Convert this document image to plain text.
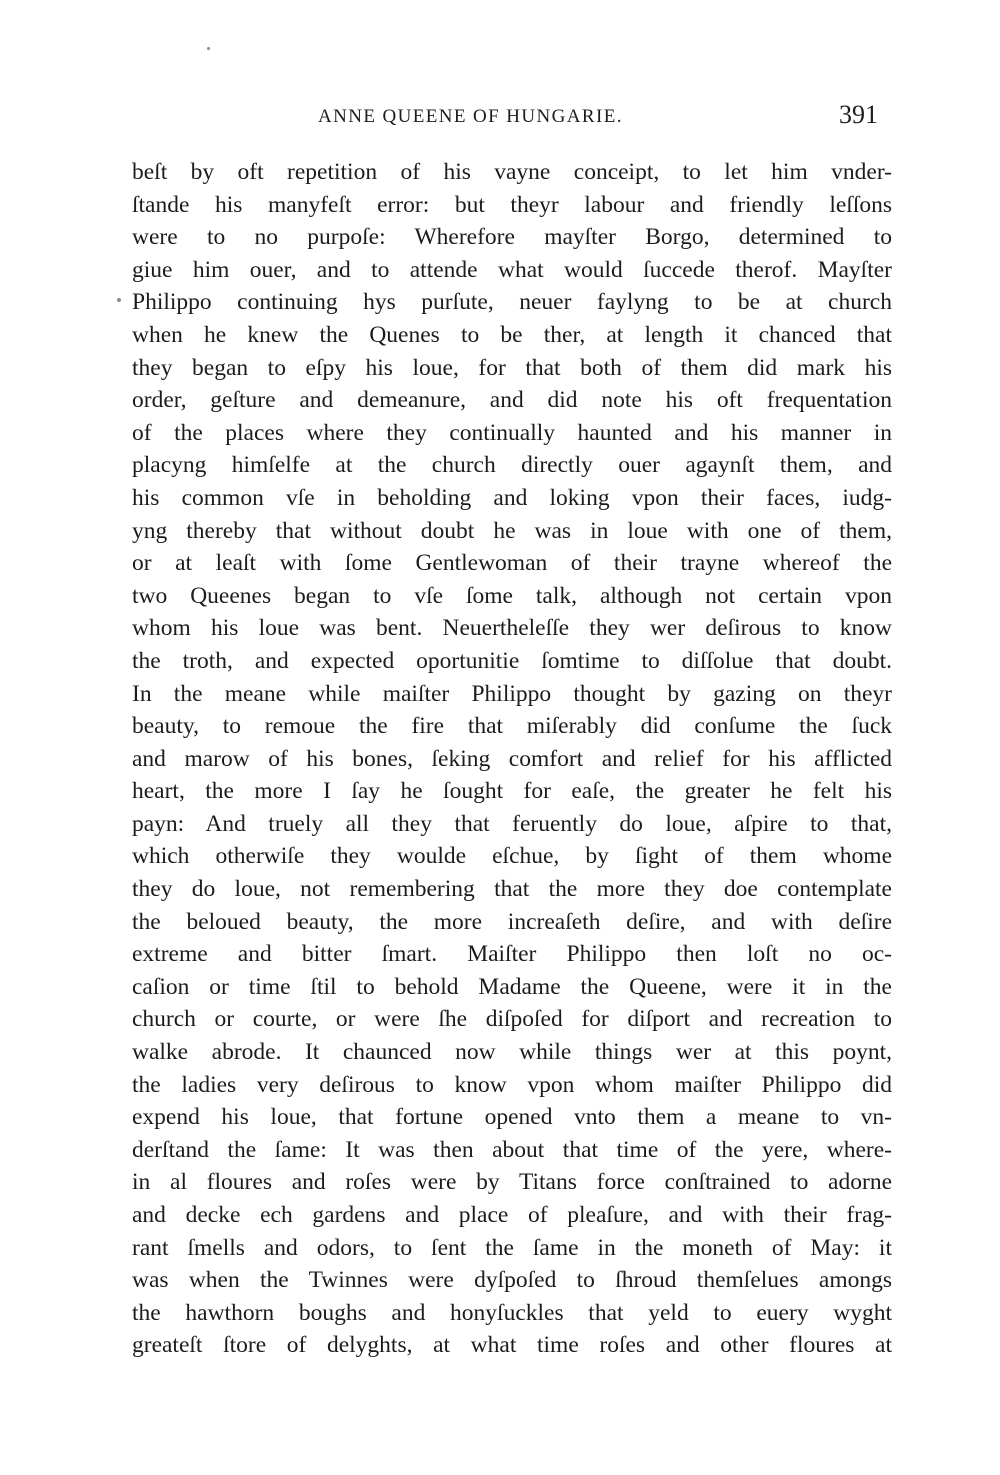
ANNE QUEENE OF HUNGARIE.	391
beſt by oft repetition of his vayne conceipt, to let him vnder-
ſtande his manyfeſt error: but theyr labour and friendly leſſons
were to no purpoſe: Wherefore mayſter Borgo, determined to
giue him ouer, and to attende what would ſuccede therof. Mayſter
Philippo continuing hys purſute, neuer faylyng to be at church
when he knew the Quenes to be ther, at length it chanced that
they began to eſpy his loue, for that both of them did mark his
order, geſture and demeanure, and did note his oft frequentation
of the places where they continually haunted and his manner in
placyng himſelfe at the church directly ouer agaynſt them, and
his common vſe in beholding and loking vpon their faces, iudg-
yng thereby that without doubt he was in loue with one of them,
or at leaſt with ſome Gentlewoman of their trayne whereof the
two Queenes began to vſe ſome talk, although not certain vpon
whom his loue was bent. Neuertheleſſe they wer deſirous to know
the troth, and expected oportunitie ſomtime to diſſolue that doubt.
In the meane while maiſter Philippo thought by gazing on theyr
beauty, to remoue the fire that miſerably did conſume the ſuck
and marow of his bones, ſeking comfort and relief for his afflicted
heart, the more I ſay he ſought for eaſe, the greater he felt his
payn: And truely all they that feruently do loue, aſpire to that,
which otherwiſe they woulde eſchue, by ſight of them whome
they do loue, not remembering that the more they doe contemplate
the beloued beauty, the more increaſeth deſire, and with deſire
extreme and bitter ſmart. Maiſter Philippo then loſt no oc-
caſion or time ſtil to behold Madame the Queene, were it in the
church or courte, or were ſhe diſpoſed for diſport and recreation to
walke abrode. It chaunced now while things wer at this poynt,
the ladies very deſirous to know vpon whom maiſter Philippo did
expend his loue, that fortune opened vnto them a meane to vn-
derſtand the ſame: It was then about that time of the yere, where-
in al floures and roſes were by Titans force conſtrained to adorne
and decke ech gardens and place of pleaſure, and with their frag-
rant ſmells and odors, to ſent the ſame in the moneth of May: it
was when the Twinnes were dyſpoſed to ſhroud themſelues amongs
the hawthorn boughs and honyſuckles that yeld to euery wyght
greateſt ſtore of delyghts, at what time roſes and other floures at
